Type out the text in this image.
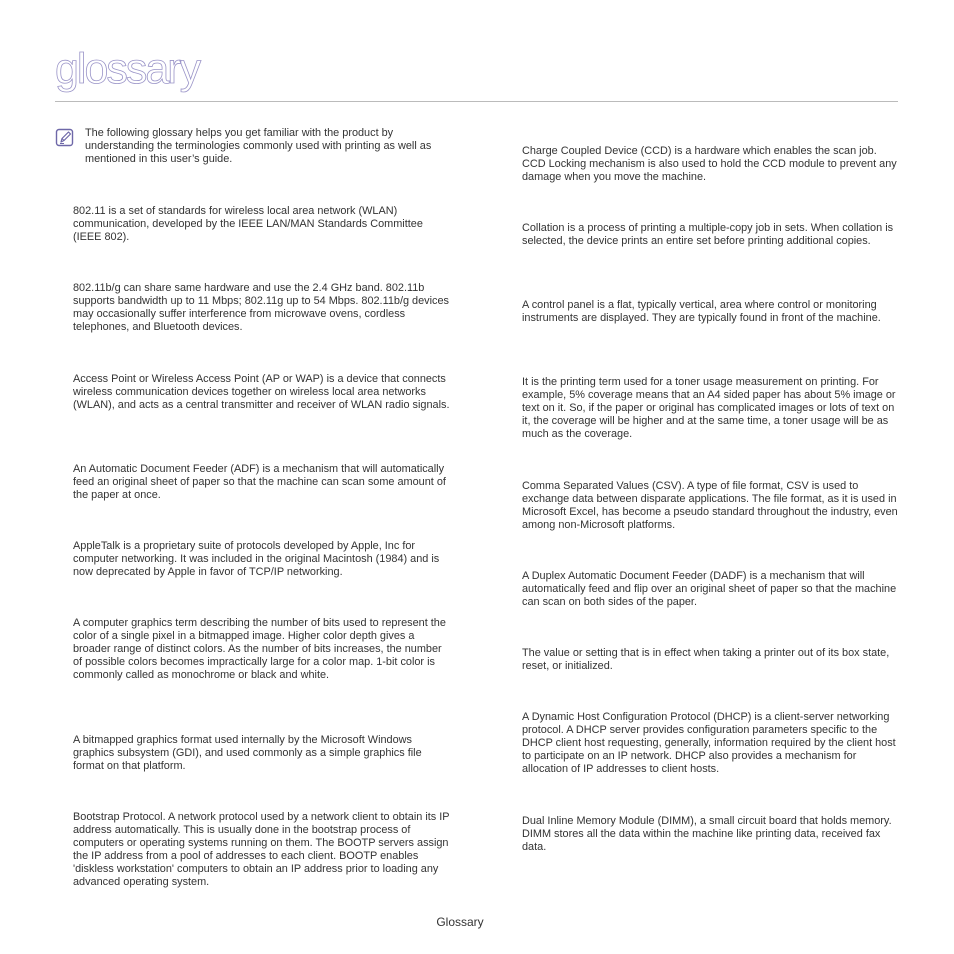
glossary

The following glossary helps you get familiar with the product by understanding the terminologies commonly used with printing as well as mentioned in this user’s guide.

802.11 is a set of standards for wireless local area network (WLAN) communication, developed by the IEEE LAN/MAN Standards Committee (IEEE 802).

802.11b/g can share same hardware and use the 2.4 GHz band. 802.11b supports bandwidth up to 11 Mbps; 802.11g up to 54 Mbps. 802.11b/g devices may occasionally suffer interference from microwave ovens, cordless telephones, and Bluetooth devices.

Access Point or Wireless Access Point (AP or WAP) is a device that connects wireless communication devices together on wireless local area networks (WLAN), and acts as a central transmitter and receiver of WLAN radio signals.

An Automatic Document Feeder (ADF) is a mechanism that will automatically feed an original sheet of paper so that the machine can scan some amount of the paper at once.

AppleTalk is a proprietary suite of protocols developed by Apple, Inc for computer networking. It was included in the original Macintosh (1984) and is now deprecated by Apple in favor of TCP/IP networking.

A computer graphics term describing the number of bits used to represent the color of a single pixel in a bitmapped image. Higher color depth gives a broader range of distinct colors. As the number of bits increases, the number of possible colors becomes impractically large for a color map. 1-bit color is commonly called as monochrome or black and white.

A bitmapped graphics format used internally by the Microsoft Windows graphics subsystem (GDI), and used commonly as a simple graphics file format on that platform.

Bootstrap Protocol. A network protocol used by a network client to obtain its IP address automatically. This is usually done in the bootstrap process of computers or operating systems running on them. The BOOTP servers assign the IP address from a pool of addresses to each client. BOOTP enables 'diskless workstation' computers to obtain an IP address prior to loading any advanced operating system.

Charge Coupled Device (CCD) is a hardware which enables the scan job. CCD Locking mechanism is also used to hold the CCD module to prevent any damage when you move the machine.

Collation is a process of printing a multiple-copy job in sets. When collation is selected, the device prints an entire set before printing additional copies.

A control panel is a flat, typically vertical, area where control or monitoring instruments are displayed. They are typically found in front of the machine.

It is the printing term used for a toner usage measurement on printing. For example, 5% coverage means that an A4 sided paper has about 5% image or text on it. So, if the paper or original has complicated images or lots of text on it, the coverage will be higher and at the same time, a toner usage will be as much as the coverage.

Comma Separated Values (CSV). A type of file format, CSV is used to exchange data between disparate applications. The file format, as it is used in Microsoft Excel, has become a pseudo standard throughout the industry, even among non-Microsoft platforms.

A Duplex Automatic Document Feeder (DADF) is a mechanism that will automatically feed and flip over an original sheet of paper so that the machine can scan on both sides of the paper.

The value or setting that is in effect when taking a printer out of its box state, reset, or initialized.

A Dynamic Host Configuration Protocol (DHCP) is a client-server networking protocol. A DHCP server provides configuration parameters specific to the DHCP client host requesting, generally, information required by the client host to participate on an IP network. DHCP also provides a mechanism for allocation of IP addresses to client hosts.

Dual Inline Memory Module (DIMM), a small circuit board that holds memory. DIMM stores all the data within the machine like printing data, received fax data.

Glossary
